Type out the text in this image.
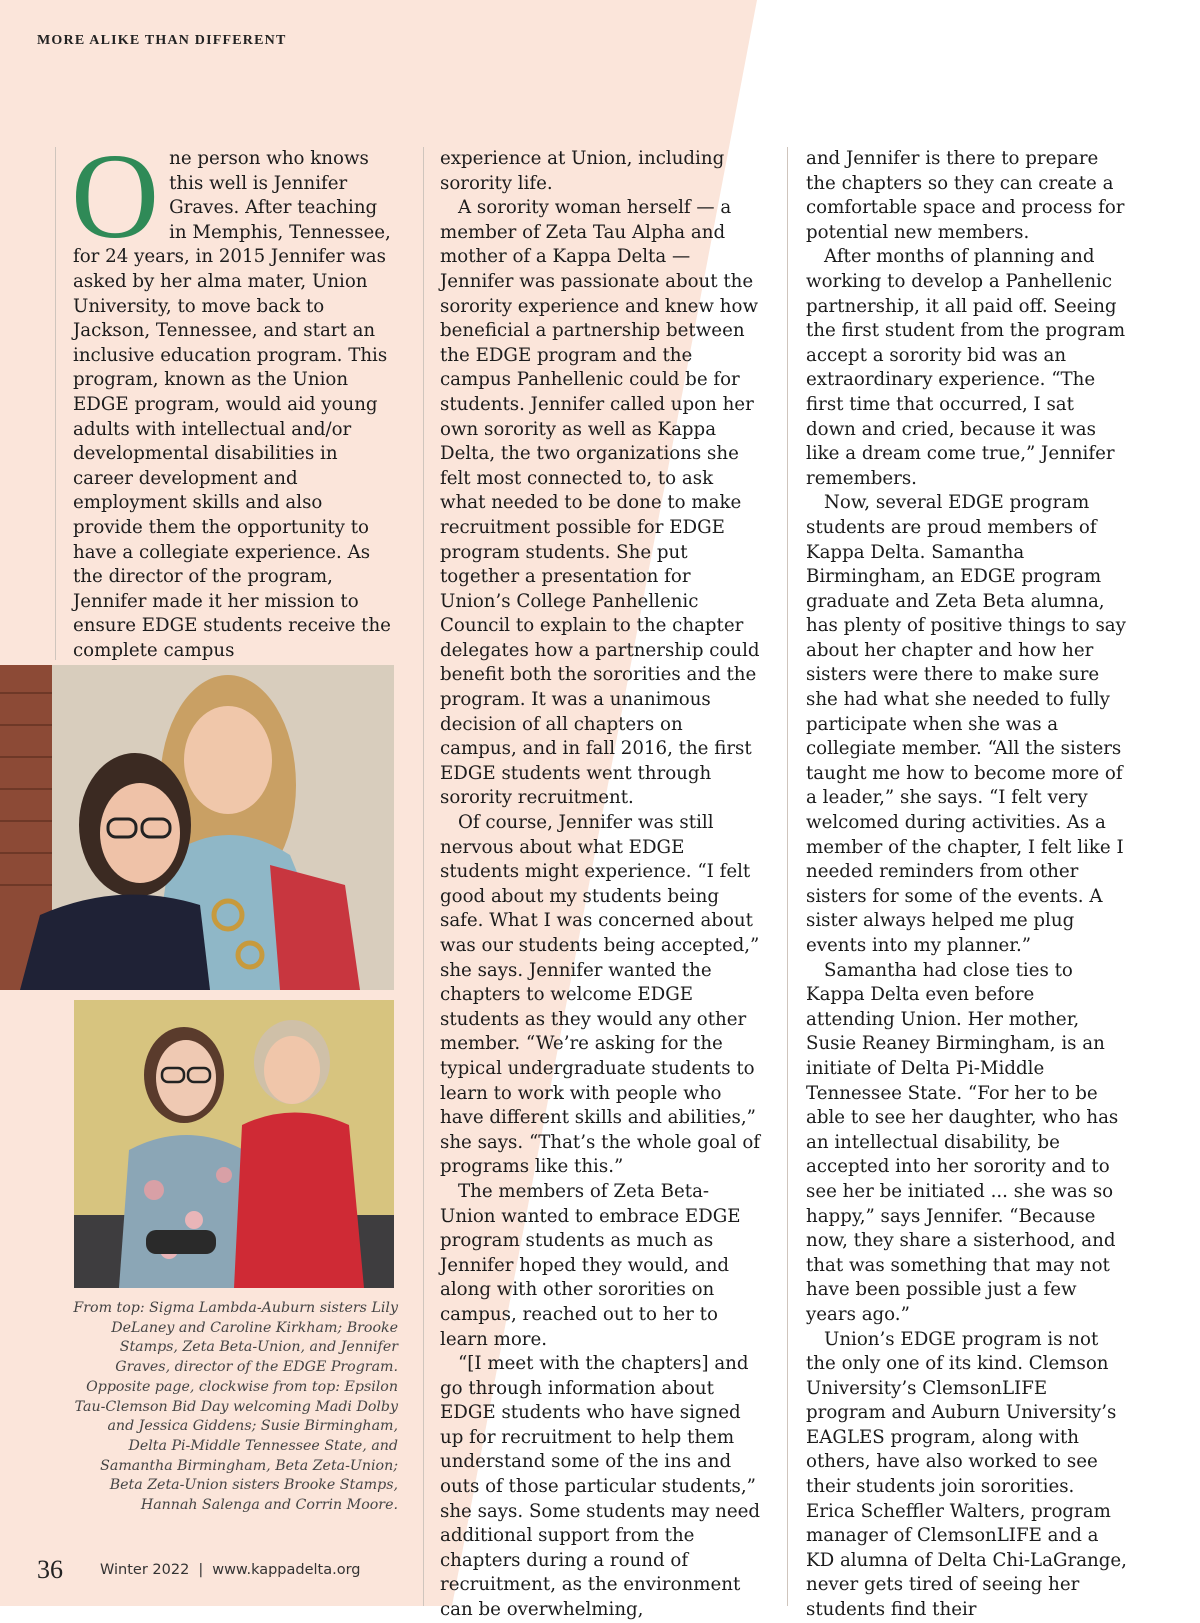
MORE ALIKE THAN DIFFERENT
O ne person who knows this well is Jennifer Graves. After teaching in Memphis, Tennessee, for 24 years, in 2015 Jennifer was asked by her alma mater, Union University, to move back to Jackson, Tennessee, and start an inclusive education program. This program, known as the Union EDGE program, would aid young adults with intellectual and/or developmental disabilities in career development and employment skills and also provide them the opportunity to have a collegiate experience. As the director of the program, Jennifer made it her mission to ensure EDGE students receive the complete campus

experience at Union, including sorority life.

A sorority woman herself — a member of Zeta Tau Alpha and mother of a Kappa Delta — Jennifer was passionate about the sorority experience and knew how beneficial a partnership between the EDGE program and the campus Panhellenic could be for students. Jennifer called upon her own sorority as well as Kappa Delta, the two organizations she felt most connected to, to ask what needed to be done to make recruitment possible for EDGE program students. She put together a presentation for Union’s College Panhellenic Council to explain to the chapter delegates how a partnership could benefit both the sororities and the program. It was a unanimous decision of all chapters on campus, and in fall 2016, the first EDGE students went through sorority recruitment.

Of course, Jennifer was still nervous about what EDGE students might experience. “I felt good about my students being safe. What I was concerned about was our students being accepted,” she says. Jennifer wanted the chapters to welcome EDGE students as they would any other member. “We’re asking for the typical undergraduate students to learn to work with people who have different skills and abilities,” she says. “That’s the whole goal of programs like this.”

The members of Zeta Beta-Union wanted to embrace EDGE program students as much as Jennifer hoped they would, and along with other sororities on campus, reached out to her to learn more.

“[I meet with the chapters] and go through information about EDGE students who have signed up for recruitment to help them understand some of the ins and outs of those particular students,” she says. Some students may need additional support from the chapters during a round of recruitment, as the environment can be overwhelming,

and Jennifer is there to prepare the chapters so they can create a comfortable space and process for potential new members.

After months of planning and working to develop a Panhellenic partnership, it all paid off. Seeing the first student from the program accept a sorority bid was an extraordinary experience. “The first time that occurred, I sat down and cried, because it was like a dream come true,” Jennifer remembers.

Now, several EDGE program students are proud members of Kappa Delta. Samantha Birmingham, an EDGE program graduate and Zeta Beta alumna, has plenty of positive things to say about her chapter and how her sisters were there to make sure she had what she needed to fully participate when she was a collegiate member. “All the sisters taught me how to become more of a leader,” she says. “I felt very welcomed during activities. As a member of the chapter, I felt like I needed reminders from other sisters for some of the events. A sister always helped me plug events into my planner.”

Samantha had close ties to Kappa Delta even before attending Union. Her mother, Susie Reaney Birmingham, is an initiate of Delta Pi-Middle Tennessee State. “For her to be able to see her daughter, who has an intellectual disability, be accepted into her sorority and to see her be initiated ... she was so happy,” says Jennifer. “Because now, they share a sisterhood, and that was something that may not have been possible just a few years ago.”

Union’s EDGE program is not the only one of its kind. Clemson University’s ClemsonLIFE program and Auburn University’s EAGLES program, along with others, have also worked to see their students join sororities. Erica Scheffler Walters, program manager of ClemsonLIFE and a KD alumna of Delta Chi-LaGrange, never gets tired of seeing her students find their

From top: Sigma Lambda-Auburn sisters Lily DeLaney and Caroline Kirkham; Brooke Stamps, Zeta Beta-Union, and Jennifer Graves, director of the EDGE Program. Opposite page, clockwise from top: Epsilon Tau-Clemson Bid Day welcoming Madi Dolby and Jessica Giddens; Susie Birmingham, Delta Pi-Middle Tennessee State, and Samantha Birmingham, Beta Zeta-Union; Beta Zeta-Union sisters Brooke Stamps, Hannah Salenga and Corrin Moore.
36	Winter 2022 | www.kappadelta.org
